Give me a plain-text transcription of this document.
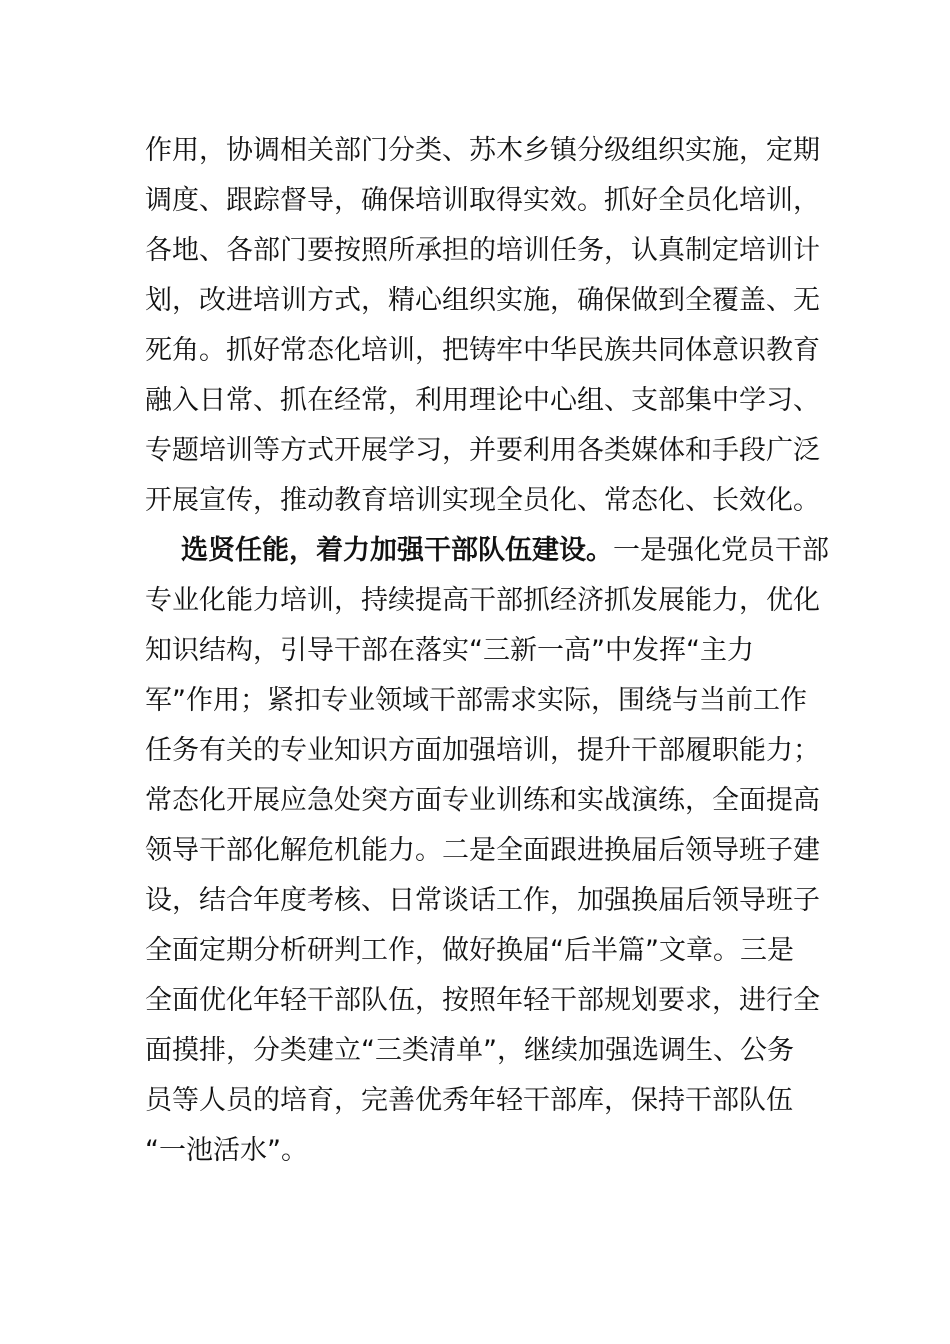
作用，协调相关部门分类、苏木乡镇分级组织实施，定期
调度、跟踪督导，确保培训取得实效。抓好全员化培训，
各地、各部门要按照所承担的培训任务，认真制定培训计
划，改进培训方式，精心组织实施，确保做到全覆盖、无
死角。抓好常态化培训，把铸牢中华民族共同体意识教育
融入日常、抓在经常，利用理论中心组、支部集中学习、
专题培训等方式开展学习，并要利用各类媒体和手段广泛
开展宣传，推动教育培训实现全员化、常态化、长效化。
选贤任能，着力加强干部队伍建设。一是强化党员干部
专业化能力培训，持续提高干部抓经济抓发展能力，优化
知识结构，引导干部在落实“三新一高”中发挥“主力
军”作用；紧扣专业领域干部需求实际，围绕与当前工作
任务有关的专业知识方面加强培训，提升干部履职能力；
常态化开展应急处突方面专业训练和实战演练，全面提高
领导干部化解危机能力。二是全面跟进换届后领导班子建
设，结合年度考核、日常谈话工作，加强换届后领导班子
全面定期分析研判工作，做好换届“后半篇”文章。三是
全面优化年轻干部队伍，按照年轻干部规划要求，进行全
面摸排，分类建立“三类清单”，继续加强选调生、公务
员等人员的培育，完善优秀年轻干部库，保持干部队伍
“一池活水”。
